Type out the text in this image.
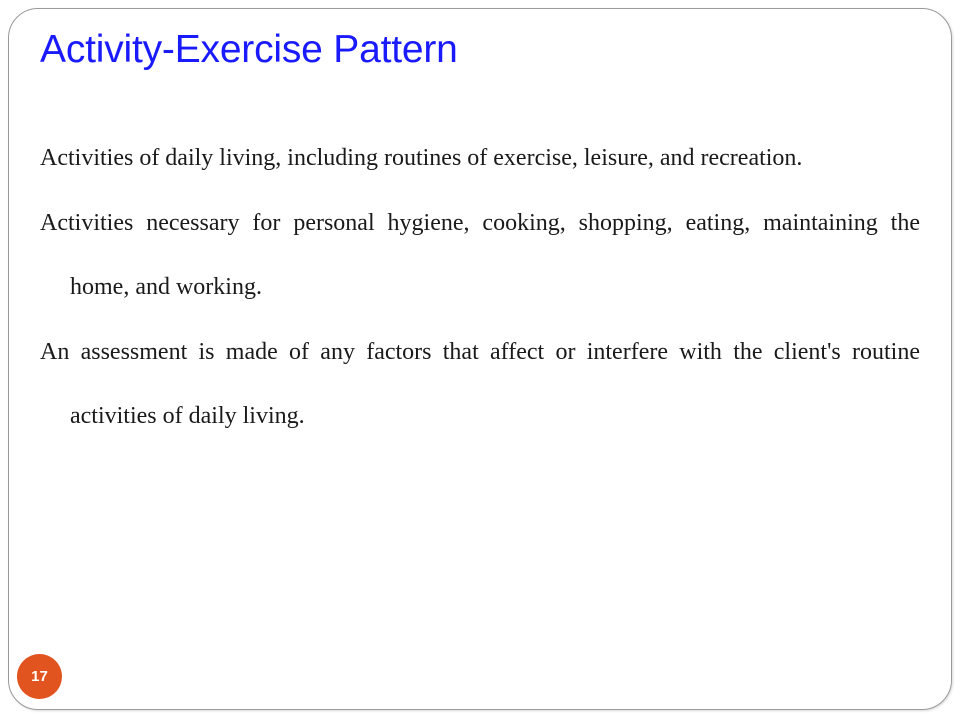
Activity-Exercise Pattern

Activities of daily living, including routines of exercise, leisure, and recreation.

Activities necessary for personal hygiene, cooking, shopping, eating, maintaining the home, and working.

An assessment is made of any factors that affect or interfere with the client's routine activities of daily living.

17
